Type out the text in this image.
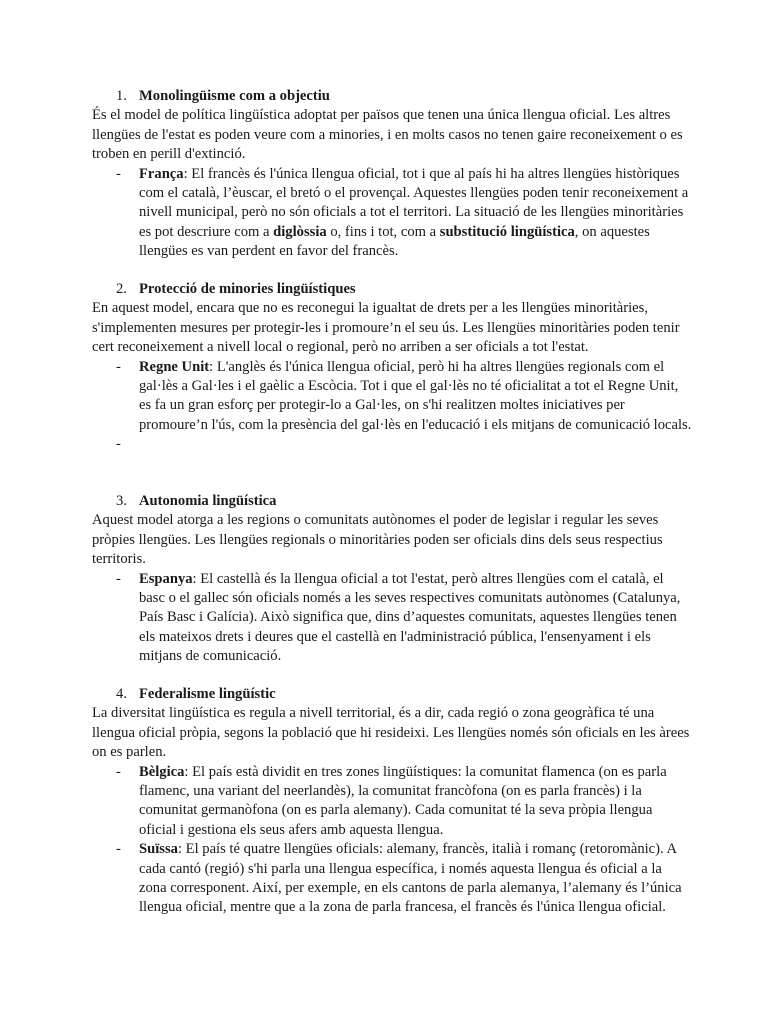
1. Monolingüisme com a objectiu

És el model de política lingüística adoptat per països que tenen una única llengua oficial. Les altres llengües de l'estat es poden veure com a minories, i en molts casos no tenen gaire reconeixement o es troben en perill d'extinció.

- França: El francès és l'única llengua oficial, tot i que al país hi ha altres llengües històriques com el català, l’èuscar, el bretó o el provençal. Aquestes llengües poden tenir reconeixement a nivell municipal, però no són oficials a tot el territori. La situació de les llengües minoritàries es pot descriure com a diglòssia o, fins i tot, com a substitució lingüística, on aquestes llengües es van perdent en favor del francès.
2. Protecció de minories lingüístiques

En aquest model, encara que no es reconegui la igualtat de drets per a les llengües minoritàries, s'implementen mesures per protegir-les i promoure’n el seu ús. Les llengües minoritàries poden tenir cert reconeixement a nivell local o regional, però no arriben a ser oficials a tot l'estat.

- Regne Unit: L'anglès és l'única llengua oficial, però hi ha altres llengües regionals com el gal·lès a Gal·les i el gaèlic a Escòcia. Tot i que el gal·lès no té oficialitat a tot el Regne Unit, es fa un gran esforç per protegir-lo a Gal·les, on s'hi realitzen moltes iniciatives per promoure’n l'ús, com la presència del gal·lès en l'educació i els mitjans de comunicació locals.
-

3. Autonomia lingüística

Aquest model atorga a les regions o comunitats autònomes el poder de legislar i regular les seves pròpies llengües. Les llengües regionals o minoritàries poden ser oficials dins dels seus respectius territoris.

- Espanya: El castellà és la llengua oficial a tot l'estat, però altres llengües com el català, el basc o el gallec són oficials només a les seves respectives comunitats autònomes (Catalunya, País Basc i Galícia). Això significa que, dins d’aquestes comunitats, aquestes llengües tenen els mateixos drets i deures que el castellà en l'administració pública, l'ensenyament i els mitjans de comunicació.
4. Federalisme lingüístic

La diversitat lingüística es regula a nivell territorial, és a dir, cada regió o zona geogràfica té una llengua oficial pròpia, segons la població que hi resideixi. Les llengües només són oficials en les àrees on es parlen.

- Bèlgica: El país està dividit en tres zones lingüístiques: la comunitat flamenca (on es parla flamenc, una variant del neerlandès), la comunitat francòfona (on es parla francès) i la comunitat germanòfona (on es parla alemany). Cada comunitat té la seva pròpia llengua oficial i gestiona els seus afers amb aquesta llengua.
- Suïssa: El país té quatre llengües oficials: alemany, francès, italià i romanç (retoromànic). A cada cantó (regió) s'hi parla una llengua específica, i només aquesta llengua és oficial a la zona corresponent. Així, per exemple, en els cantons de parla alemanya, l’alemany és l’única llengua oficial, mentre que a la zona de parla francesa, el francès és l'única llengua oficial.
